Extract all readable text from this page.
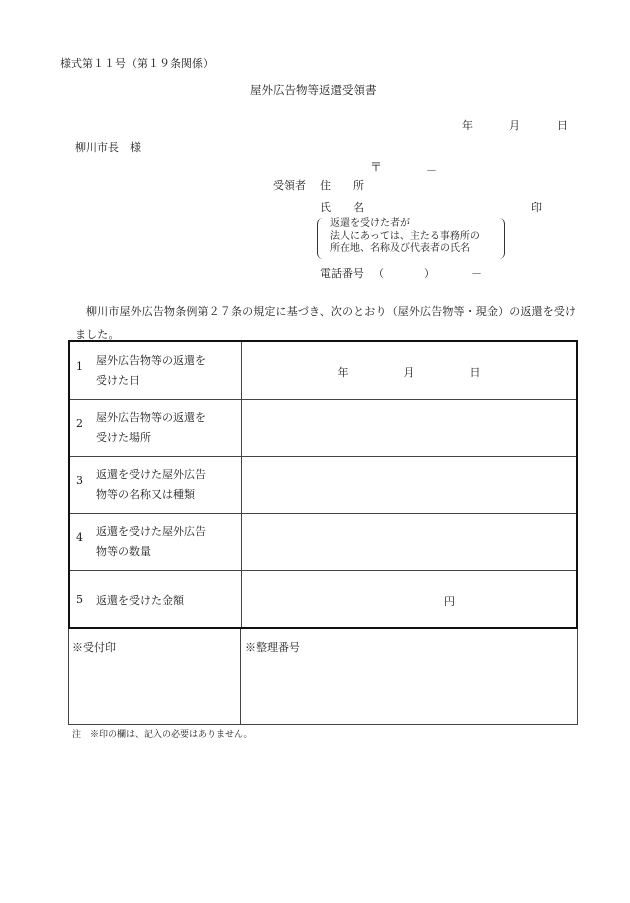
様式第１１号（第１９条関係）
屋外広告物等返還受領書
年	月	日
柳川市長　様
〒	－
受領者 住　　所
氏　　名	印
返還を受けた者が
法人にあっては、主たる事務所の
所在地、名称及び代表者の氏名
電話番号 （	）	－
柳川市屋外広告物条例第２７条の規定に基づき、次のとおり（屋外広告物等・現金）の返還を受けました。
1 屋外広告物等の返還を
受けた日
年　　　　　月　　　　　日
2 屋外広告物等の返還を
受けた場所
3 返還を受けた屋外広告
物等の名称又は種類
4 返還を受けた屋外広告
物等の数量
5 返還を受けた金額	円
※受付印	※整理番号
注　※印の欄は、記入の必要はありません。
